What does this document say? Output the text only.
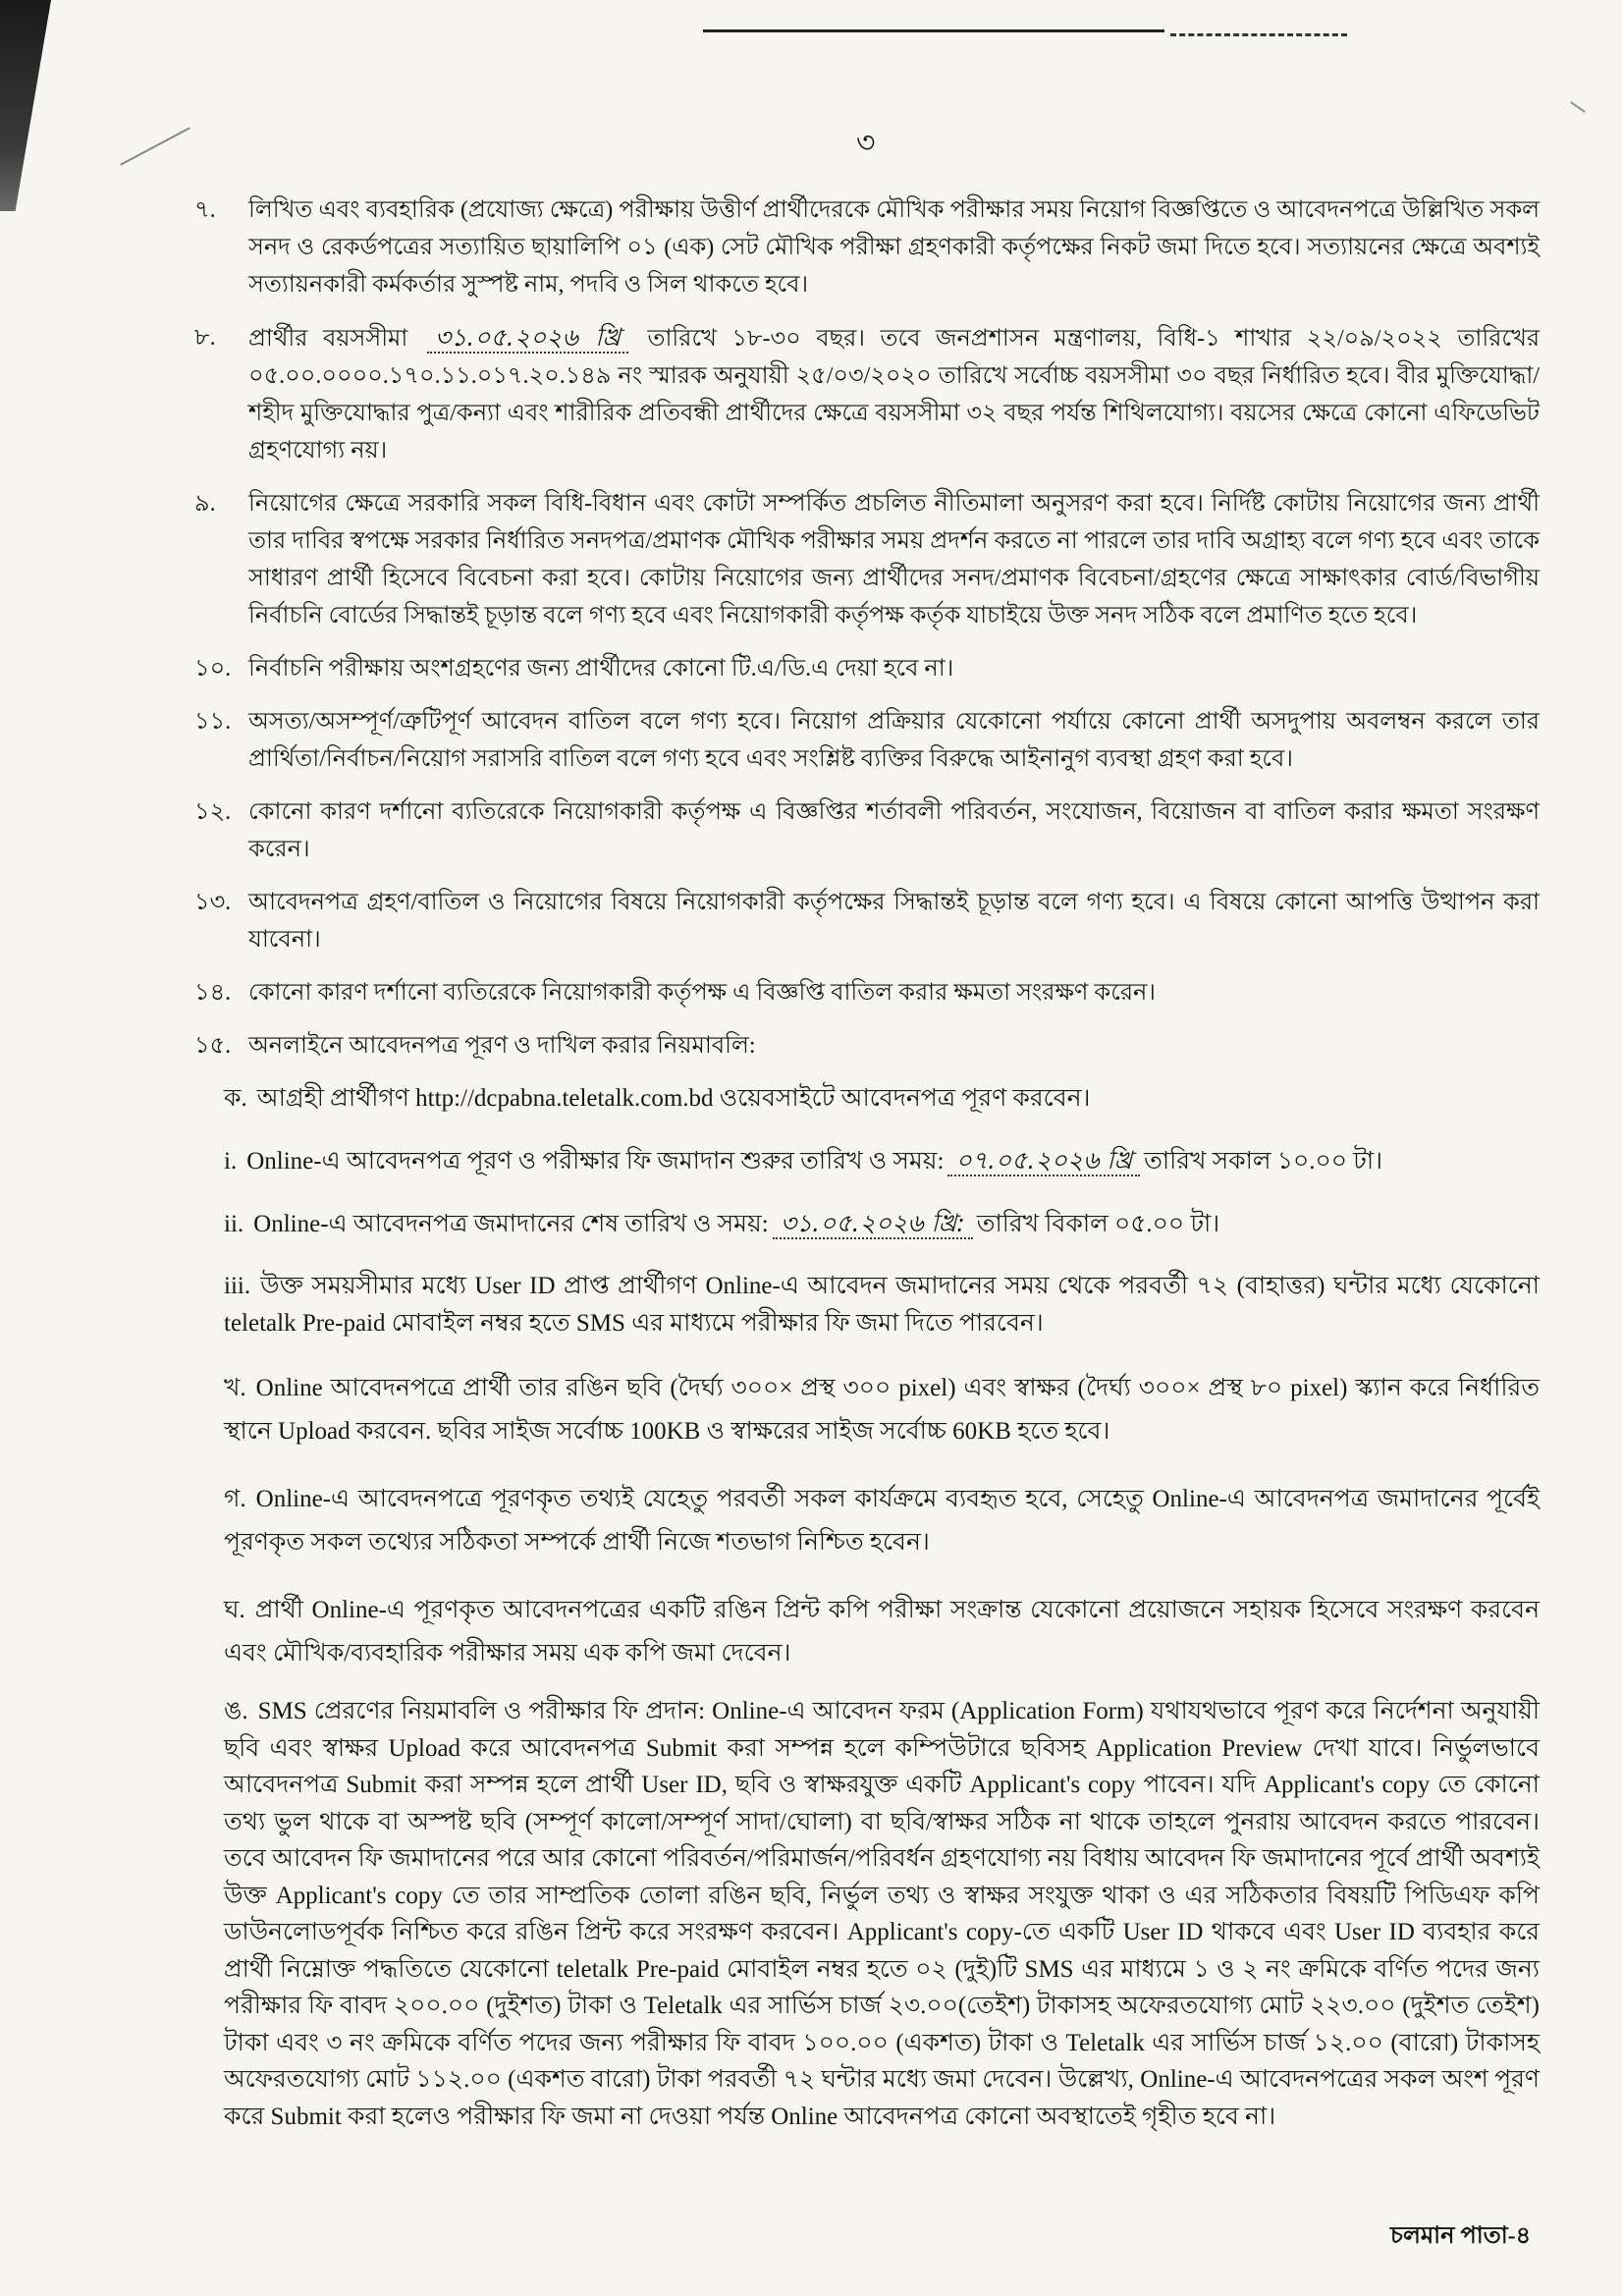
৩
৭.	লিখিত এবং ব্যবহারিক (প্রযোজ্য ক্ষেত্রে) পরীক্ষায় উত্তীর্ণ প্রার্থীদেরকে মৌখিক পরীক্ষার সময় নিয়োগ বিজ্ঞপ্তিতে ও আবেদনপত্রে উল্লিখিত সকল সনদ ও রেকর্ডপত্রের সত্যায়িত ছায়ালিপি ০১ (এক) সেট মৌখিক পরীক্ষা গ্রহণকারী কর্তৃপক্ষের নিকট জমা দিতে হবে। সত্যায়নের ক্ষেত্রে অবশ্যই সত্যায়নকারী কর্মকর্তার সুস্পষ্ট নাম, পদবি ও সিল থাকতে হবে।
৮.	প্রার্থীর বয়সসীমা ৩১.০৫.২০২৬ খ্রি তারিখে ১৮-৩০ বছর। তবে জনপ্রশাসন মন্ত্রণালয়, বিধি-১ শাখার ২২/০৯/২০২২ তারিখের ০৫.০০.০০০০.১৭০.১১.০১৭.২০.১৪৯ নং স্মারক অনুযায়ী ২৫/০৩/২০২০ তারিখে সর্বোচ্চ বয়সসীমা ৩০ বছর নির্ধারিত হবে। বীর মুক্তিযোদ্ধা/শহীদ মুক্তিযোদ্ধার পুত্র/কন্যা এবং শারীরিক প্রতিবন্ধী প্রার্থীদের ক্ষেত্রে বয়সসীমা ৩২ বছর পর্যন্ত শিথিলযোগ্য। বয়সের ক্ষেত্রে কোনো এফিডেভিট গ্রহণযোগ্য নয়।
৯.	নিয়োগের ক্ষেত্রে সরকারি সকল বিধি-বিধান এবং কোটা সম্পর্কিত প্রচলিত নীতিমালা অনুসরণ করা হবে। নির্দিষ্ট কোটায় নিয়োগের জন্য প্রার্থী তার দাবির স্বপক্ষে সরকার নির্ধারিত সনদপত্র/প্রমাণক মৌখিক পরীক্ষার সময় প্রদর্শন করতে না পারলে তার দাবি অগ্রাহ্য বলে গণ্য হবে এবং তাকে সাধারণ প্রার্থী হিসেবে বিবেচনা করা হবে। কোটায় নিয়োগের জন্য প্রার্থীদের সনদ/প্রমাণক বিবেচনা/গ্রহণের ক্ষেত্রে সাক্ষাৎকার বোর্ড/বিভাগীয় নির্বাচনি বোর্ডের সিদ্ধান্তই চূড়ান্ত বলে গণ্য হবে এবং নিয়োগকারী কর্তৃপক্ষ কর্তৃক যাচাইয়ে উক্ত সনদ সঠিক বলে প্রমাণিত হতে হবে।
১০. নির্বাচনি পরীক্ষায় অংশগ্রহণের জন্য প্রার্থীদের কোনো টি.এ/ডি.এ দেয়া হবে না।
১১. অসত্য/অসম্পূর্ণ/ত্রুটিপূর্ণ আবেদন বাতিল বলে গণ্য হবে। নিয়োগ প্রক্রিয়ার যেকোনো পর্যায়ে কোনো প্রার্থী অসদুপায় অবলম্বন করলে তার প্রার্থিতা/নির্বাচন/নিয়োগ সরাসরি বাতিল বলে গণ্য হবে এবং সংশ্লিষ্ট ব্যক্তির বিরুদ্ধে আইনানুগ ব্যবস্থা গ্রহণ করা হবে।
১২. কোনো কারণ দর্শানো ব্যতিরেকে নিয়োগকারী কর্তৃপক্ষ এ বিজ্ঞপ্তির শর্তাবলী পরিবর্তন, সংযোজন, বিয়োজন বা বাতিল করার ক্ষমতা সংরক্ষণ করেন।
১৩. আবেদনপত্র গ্রহণ/বাতিল ও নিয়োগের বিষয়ে নিয়োগকারী কর্তৃপক্ষের সিদ্ধান্তই চূড়ান্ত বলে গণ্য হবে। এ বিষয়ে কোনো আপত্তি উত্থাপন করা যাবেনা।
১৪. কোনো কারণ দর্শানো ব্যতিরেকে নিয়োগকারী কর্তৃপক্ষ এ বিজ্ঞপ্তি বাতিল করার ক্ষমতা সংরক্ষণ করেন।
১৫. অনলাইনে আবেদনপত্র পূরণ ও দাখিল করার নিয়মাবলি:

ক. আগ্রহী প্রার্থীগণ http://dcpabna.teletalk.com.bd ওয়েবসাইটে আবেদনপত্র পূরণ করবেন।

i. Online-এ আবেদনপত্র পূরণ ও পরীক্ষার ফি জমাদান শুরুর তারিখ ও সময়: ০৭.০৫.২০২৬ খ্রি তারিখ সকাল ১০.০০ টা।

ii. Online-এ আবেদনপত্র জমাদানের শেষ তারিখ ও সময়: ৩১.০৫.২০২৬ খ্রি: তারিখ বিকাল ০৫.০০ টা।

iii. উক্ত সময়সীমার মধ্যে User ID প্রাপ্ত প্রার্থীগণ Online-এ আবেদন জমাদানের সময় থেকে পরবর্তী ৭২ (বাহাত্তর) ঘন্টার মধ্যে যেকোনো teletalk Pre-paid মোবাইল নম্বর হতে SMS এর মাধ্যমে পরীক্ষার ফি জমা দিতে পারবেন।

খ. Online আবেদনপত্রে প্রার্থী তার রঙিন ছবি (দৈর্ঘ্য ৩০০× প্রস্থ ৩০০ pixel) এবং স্বাক্ষর (দৈর্ঘ্য ৩০০× প্রস্থ ৮০ pixel) স্ক্যান করে নির্ধারিত স্থানে Upload করবেন. ছবির সাইজ সর্বোচ্চ 100KB ও স্বাক্ষরের সাইজ সর্বোচ্চ 60KB হতে হবে।

গ. Online-এ আবেদনপত্রে পূরণকৃত তথ্যই যেহেতু পরবর্তী সকল কার্যক্রমে ব্যবহৃত হবে, সেহেতু Online-এ আবেদনপত্র জমাদানের পূর্বেই পূরণকৃত সকল তথ্যের সঠিকতা সম্পর্কে প্রার্থী নিজে শতভাগ নিশ্চিত হবেন।

ঘ. প্রার্থী Online-এ পূরণকৃত আবেদনপত্রের একটি রঙিন প্রিন্ট কপি পরীক্ষা সংক্রান্ত যেকোনো প্রয়োজনে সহায়ক হিসেবে সংরক্ষণ করবেন এবং মৌখিক/ব্যবহারিক পরীক্ষার সময় এক কপি জমা দেবেন।

ঙ. SMS প্রেরণের নিয়মাবলি ও পরীক্ষার ফি প্রদান: Online-এ আবেদন ফরম (Application Form) যথাযথভাবে পূরণ করে নির্দেশনা অনুযায়ী ছবি এবং স্বাক্ষর Upload করে আবেদনপত্র Submit করা সম্পন্ন হলে কম্পিউটারে ছবিসহ Application Preview দেখা যাবে। নির্ভুলভাবে আবেদনপত্র Submit করা সম্পন্ন হলে প্রার্থী User ID, ছবি ও স্বাক্ষরযুক্ত একটি Applicant's copy পাবেন। যদি Applicant's copy তে কোনো তথ্য ভুল থাকে বা অস্পষ্ট ছবি (সম্পূর্ণ কালো/সম্পূর্ণ সাদা/ঘোলা) বা ছবি/স্বাক্ষর সঠিক না থাকে তাহলে পুনরায় আবেদন করতে পারবেন। তবে আবেদন ফি জমাদানের পরে আর কোনো পরিবর্তন/পরিমার্জন/পরিবর্ধন গ্রহণযোগ্য নয় বিধায় আবেদন ফি জমাদানের পূর্বে প্রার্থী অবশ্যই উক্ত Applicant's copy তে তার সাম্প্রতিক তোলা রঙিন ছবি, নির্ভুল তথ্য ও স্বাক্ষর সংযুক্ত থাকা ও এর সঠিকতার বিষয়টি পিডিএফ কপি ডাউনলোডপূর্বক নিশ্চিত করে রঙিন প্রিন্ট করে সংরক্ষণ করবেন। Applicant's copy-তে একটি User ID থাকবে এবং User ID ব্যবহার করে প্রার্থী নিম্নোক্ত পদ্ধতিতে যেকোনো teletalk Pre-paid মোবাইল নম্বর হতে ০২ (দুই)টি SMS এর মাধ্যমে ১ ও ২ নং ক্রমিকে বর্ণিত পদের জন্য পরীক্ষার ফি বাবদ ২০০.০০ (দুইশত) টাকা ও Teletalk এর সার্ভিস চার্জ ২৩.০০(তেইশ) টাকাসহ অফেরতযোগ্য মোট ২২৩.০০ (দুইশত তেইশ) টাকা এবং ৩ নং ক্রমিকে বর্ণিত পদের জন্য পরীক্ষার ফি বাবদ ১০০.০০ (একশত) টাকা ও Teletalk এর সার্ভিস চার্জ ১২.০০ (বারো) টাকাসহ অফেরতযোগ্য মোট ১১২.০০ (একশত বারো) টাকা পরবর্তী ৭২ ঘন্টার মধ্যে জমা দেবেন। উল্লেখ্য, Online-এ আবেদনপত্রের সকল অংশ পূরণ করে Submit করা হলেও পরীক্ষার ফি জমা না দেওয়া পর্যন্ত Online আবেদনপত্র কোনো অবস্থাতেই গৃহীত হবে না।

চলমান পাতা-৪
